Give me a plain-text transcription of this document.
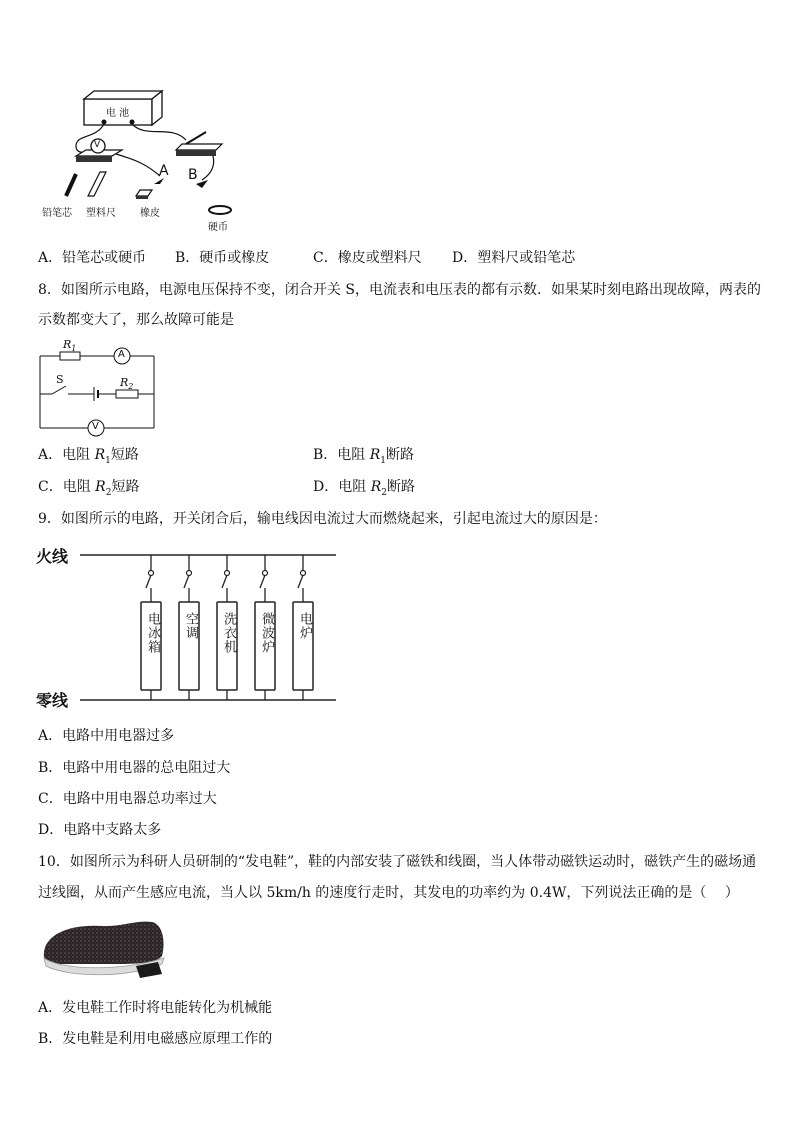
电 池
V
A B
铅笔芯 塑料尺 橡皮
硬币
A．铅笔芯或硬币 B．硬币或橡皮	C．橡皮或塑料尺 D．塑料尺或铅笔芯
8．如图所示电路，电源电压保持不变，闭合开关 S，电流表和电压表的都有示数．如果某时刻电路出现故障，两表的
示数都变大了，那么故障可能是
$R_1$
A
S	$R_2$
V
A．电阻 $R_1$短路	B．电阻 $R_1$断路
C．电阻 $R_2$短路	D．电阻 $R_2$断路
9．如图所示的电路，开关闭合后，输电线因电流过大而燃烧起来，引起电流过大的原因是：
火线
零线
电冰箱 空调 洗衣机 微波炉 电炉
A．电路中用电器过多
B．电路中用电器的总电阻过大
C．电路中用电器总功率过大
D．电路中支路太多
10．如图所示为科研人员研制的“发电鞋”，鞋的内部安装了磁铁和线圈，当人体带动磁铁运动时，磁铁产生的磁场通
过线圈，从而产生感应电流，当人以 5km/h 的速度行走时，其发电的功率约为 0.4W，下列说法正确的是（　 ）
A．发电鞋工作时将电能转化为机械能
B．发电鞋是利用电磁感应原理工作的
